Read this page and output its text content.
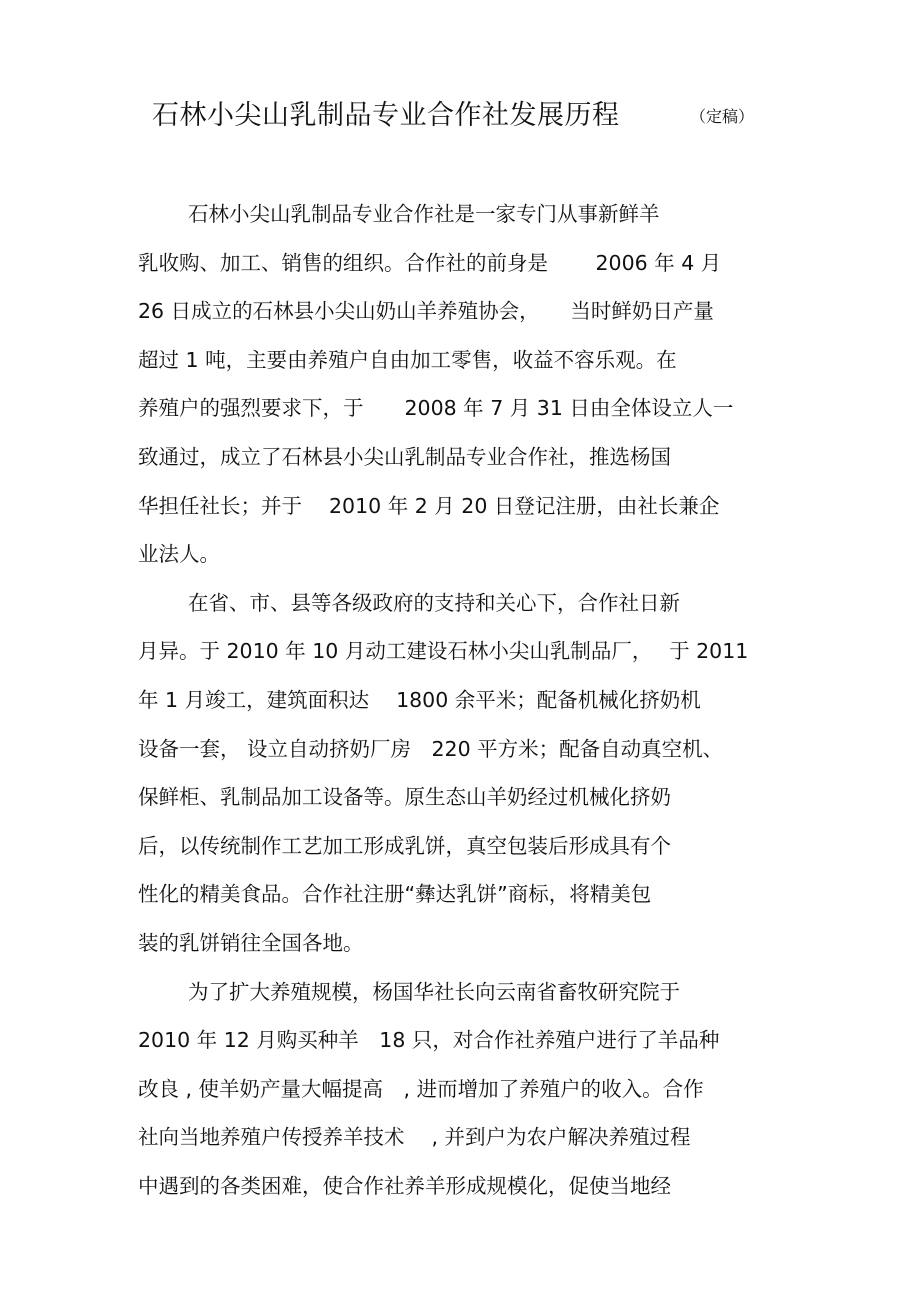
石林小尖山乳制品专业合作社发展历程	（定稿）
石林小尖山乳制品专业合作社是一家专门从事新鲜羊
乳收购、加工、销售的组织。合作社的前身是　　 2006 年 4 月
26 日成立的石林县小尖山奶山羊养殖协会，　　当时鲜奶日产量
超过 1 吨，主要由养殖户自由加工零售，收益不容乐观。在
养殖户的强烈要求下，于　　2008 年 7 月 31 日由全体设立人一
致通过，成立了石林县小尖山乳制品专业合作社，推选杨国
华担任社长；并于　 2010 年 2 月 20 日登记注册，由社长兼企
业法人。
在省、市、县等各级政府的支持和关心下，合作社日新
月异。于 2010 年 10 月动工建设石林小尖山乳制品厂，　 于 2011
年 1 月竣工，建筑面积达　 1800 余平米；配备机械化挤奶机
设备一套， 设立自动挤奶厂房　220 平方米；配备自动真空机、
保鲜柜、乳制品加工设备等。原生态山羊奶经过机械化挤奶
后，以传统制作工艺加工形成乳饼，真空包装后形成具有个
性化的精美食品。合作社注册“彝达乳饼”商标，将精美包
装的乳饼销往全国各地。
为了扩大养殖规模，杨国华社长向云南省畜牧研究院于
2010 年 12 月购买种羊　18 只，对合作社养殖户进行了羊品种
改良 , 使羊奶产量大幅提高　, 进而增加了养殖户的收入。合作
社向当地养殖户传授养羊技术　 , 并到户为农户解决养殖过程
中遇到的各类困难，使合作社养羊形成规模化，促使当地经
